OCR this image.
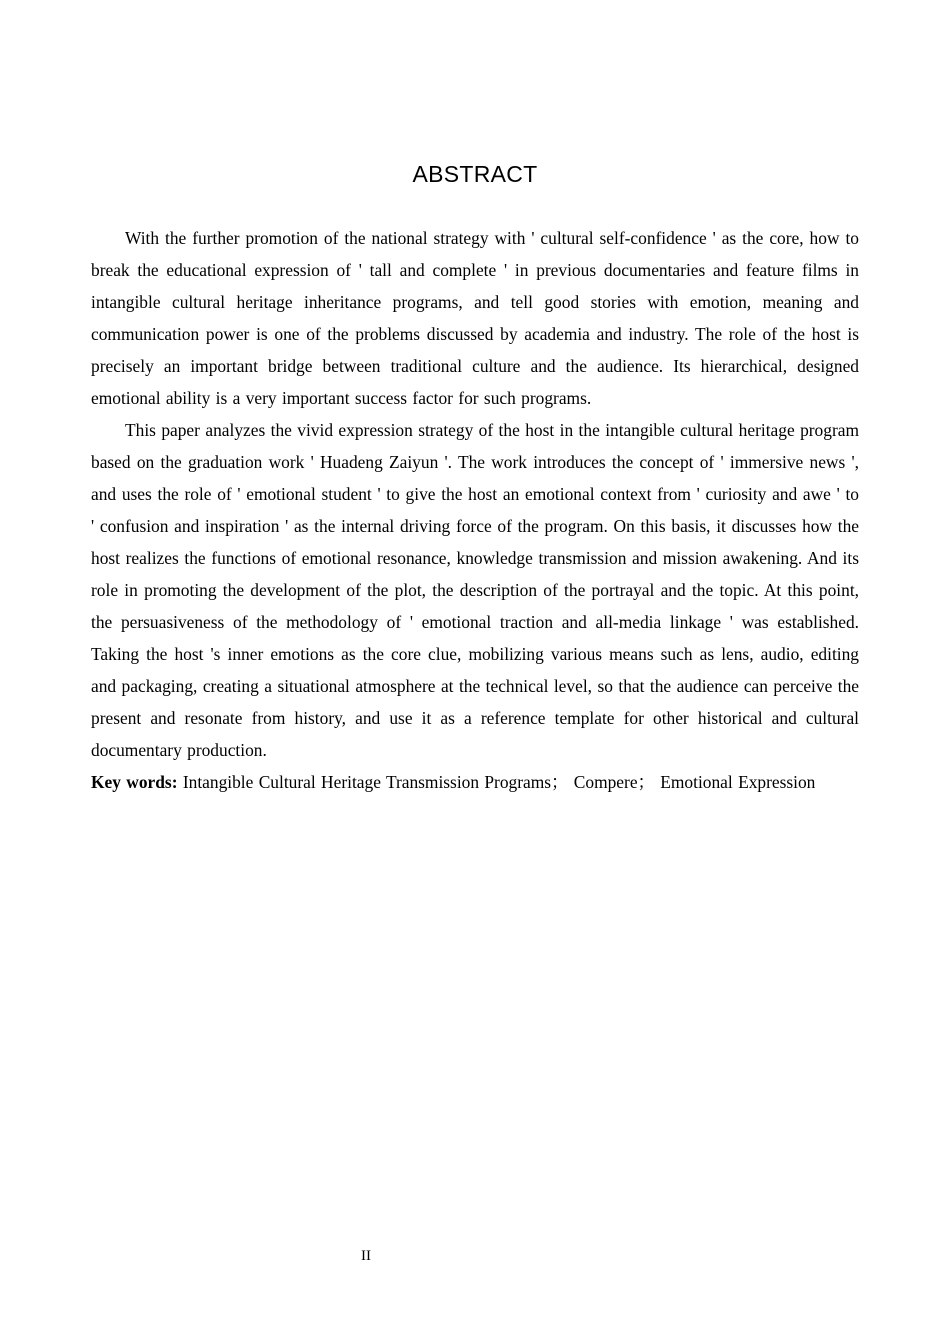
ABSTRACT

With the further promotion of the national strategy with ' cultural self-confidence ' as the core, how to break the educational expression of ' tall and complete ' in previous documentaries and feature films in intangible cultural heritage inheritance programs, and tell good stories with emotion, meaning and communication power is one of the problems discussed by academia and industry. The role of the host is precisely an important bridge between traditional culture and the audience. Its hierarchical, designed emotional ability is a very important success factor for such programs.

This paper analyzes the vivid expression strategy of the host in the intangible cultural heritage program based on the graduation work ' Huadeng Zaiyun '. The work introduces the concept of ' immersive news ', and uses the role of ' emotional student ' to give the host an emotional context from ' curiosity and awe ' to ' confusion and inspiration ' as the internal driving force of the program. On this basis, it discusses how the host realizes the functions of emotional resonance, knowledge transmission and mission awakening. And its role in promoting the development of the plot, the description of the portrayal and the topic. At this point, the persuasiveness of the methodology of ' emotional traction and all-media linkage ' was established. Taking the host 's inner emotions as the core clue, mobilizing various means such as lens, audio, editing and packaging, creating a situational atmosphere at the technical level, so that the audience can perceive the present and resonate from history, and use it as a reference template for other historical and cultural documentary production.

Key words: Intangible Cultural Heritage Transmission Programs； Compere； Emotional Expression

II
